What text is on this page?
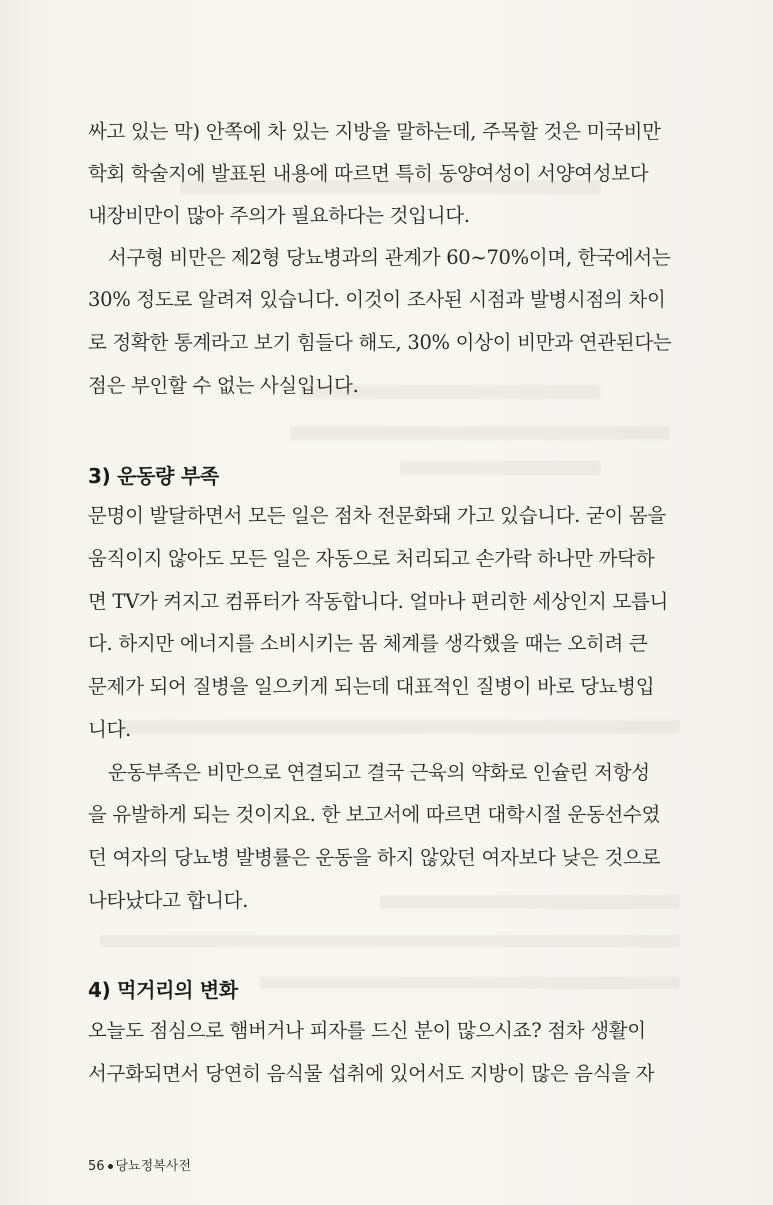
싸고 있는 막) 안쪽에 차 있는 지방을 말하는데, 주목할 것은 미국비만
학회 학술지에 발표된 내용에 따르면 특히 동양여성이 서양여성보다
내장비만이 많아 주의가 필요하다는 것입니다.
서구형 비만은 제2형 당뇨병과의 관계가 60~70%이며, 한국에서는
30% 정도로 알려져 있습니다. 이것이 조사된 시점과 발병시점의 차이
로 정확한 통계라고 보기 힘들다 해도, 30% 이상이 비만과 연관된다는
점은 부인할 수 없는 사실입니다.
3) 운동량 부족
문명이 발달하면서 모든 일은 점차 전문화돼 가고 있습니다. 굳이 몸을
움직이지 않아도 모든 일은 자동으로 처리되고 손가락 하나만 까닥하
면 TV가 켜지고 컴퓨터가 작동합니다. 얼마나 편리한 세상인지 모릅니
다. 하지만 에너지를 소비시키는 몸 체계를 생각했을 때는 오히려 큰
문제가 되어 질병을 일으키게 되는데 대표적인 질병이 바로 당뇨병입
니다.
운동부족은 비만으로 연결되고 결국 근육의 약화로 인슐린 저항성
을 유발하게 되는 것이지요. 한 보고서에 따르면 대학시절 운동선수였
던 여자의 당뇨병 발병률은 운동을 하지 않았던 여자보다 낮은 것으로
나타났다고 합니다.
4) 먹거리의 변화
오늘도 점심으로 햄버거나 피자를 드신 분이 많으시죠? 점차 생활이
서구화되면서 당연히 음식물 섭취에 있어서도 지방이 많은 음식을 자
56 당뇨정복사전
